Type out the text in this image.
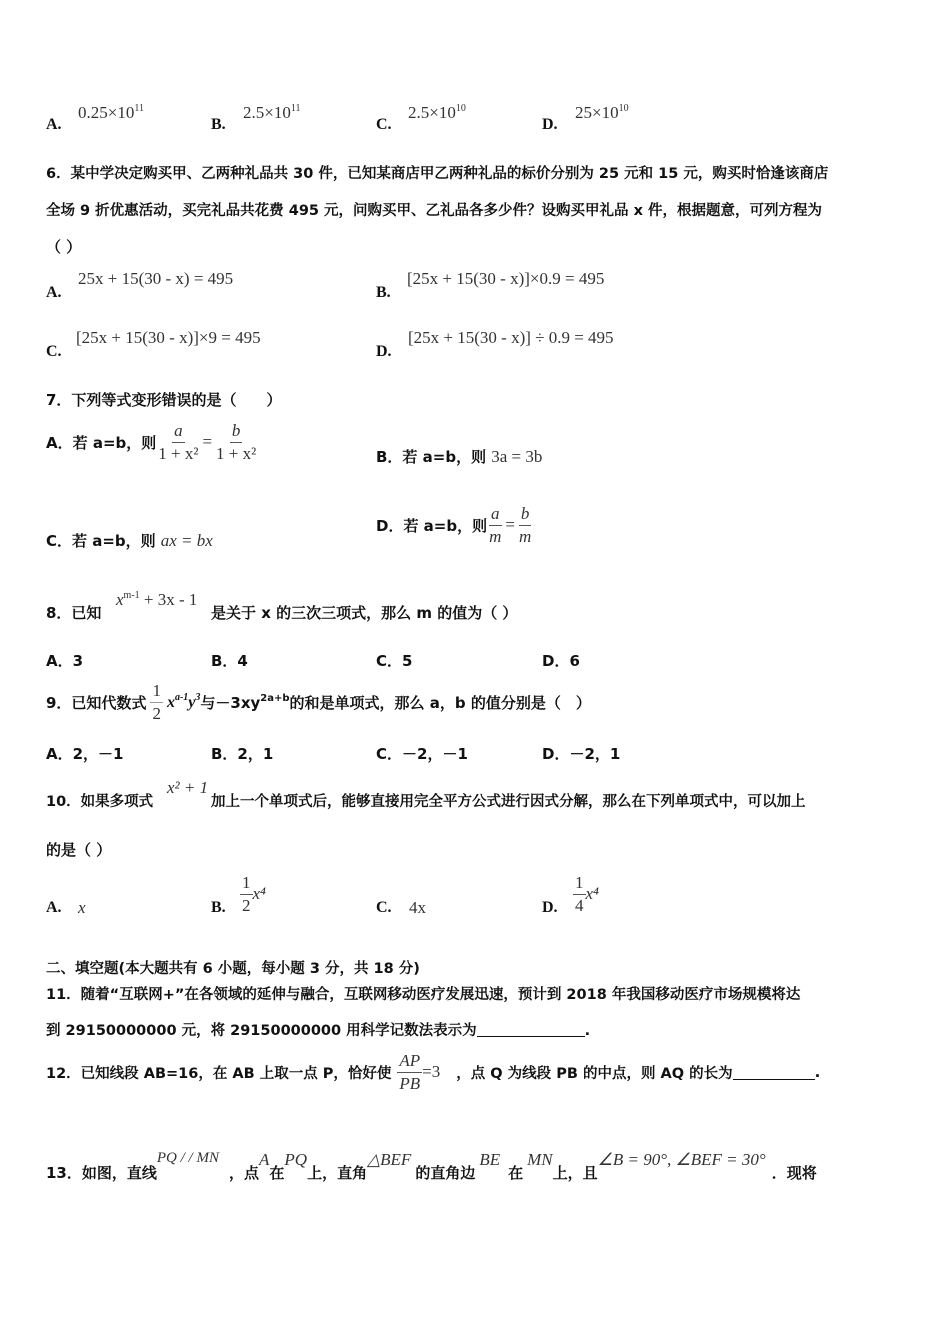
A.
$0.25\times 10^{11}$
B.
$2.5\times 10^{11}$
C.
$2.5\times 10^{10}$
D.
$25\times 10^{10}$
6．某中学决定购买甲、乙两种礼品共 30 件，已知某商店甲乙两种礼品的标价分别为 25 元和 15 元，购买时恰逢该商店
全场 9 折优惠活动，买完礼品共花费 495 元，问购买甲、乙礼品各多少件？设购买甲礼品 x 件，根据题意，可列方程为
（ ）
A.
25x + 15(30 - x) = 495
B.
[25x + 15(30 - x)]×0.9 = 495
C.
[25x + 15(30 - x)]×9 = 495
D.
[25x + 15(30 - x)] ÷ 0.9 = 495
7．下列等式变形错误的是（　　）
A．若 a=b，则 $\frac{a}{\text{1 + x²}} = \frac{b}{\text{1 + x²}}$	B．若 a=b，则 3a = 3b
C．若 a=b，则 ax = bx
D．若 a=b，则 $\frac{a}{m} = \frac{b}{m}$
8．已知
$x^{m-1} + 3x - 1$
是关于 x 的三次三项式，那么 m 的值为（ ）
A．3	B．4	C．5	D．6
9．已知代数式 $\frac{1}{2} x^{a-1}y^3$ 与$-3xy^{2a+b}$ 的和是单项式，那么 a，b 的值分别是（　）
A．2，－1	B．2，1	C．－2，－1	D．－2，1
10．如果多项式
x² + 1
加上一个单项式后，能够直接用完全平方公式进行因式分解，那么在下列单项式中，可以加上
的是（ ）
A. x	B. $\frac{1}{2} x^4$
C. 4x	D. $\frac{1}{4} x^4$
二、填空题(本大题共有 6 小题，每小题 3 分，共 18 分)
11．随着“互联网+”在各领域的延伸与融合，互联网移动医疗发展迅速，预计到 2018 年我国移动医疗市场规模将达
到 29150000000 元，将 29150000000 用科学记数法表示为	.
12．已知线段 AB=16，在 AB 上取一点 P，恰好使 $\frac{AP}{PB} =3$ ，点 Q 为线段 PB 的中点，则 AQ 的长为	.
13．如图，直线
PQ / / MN
，点
A
在
PQ
上，直角
△BEF
的直角边
BE
在
MN
上，且
∠B = 90°, ∠BEF = 30°
．现将
